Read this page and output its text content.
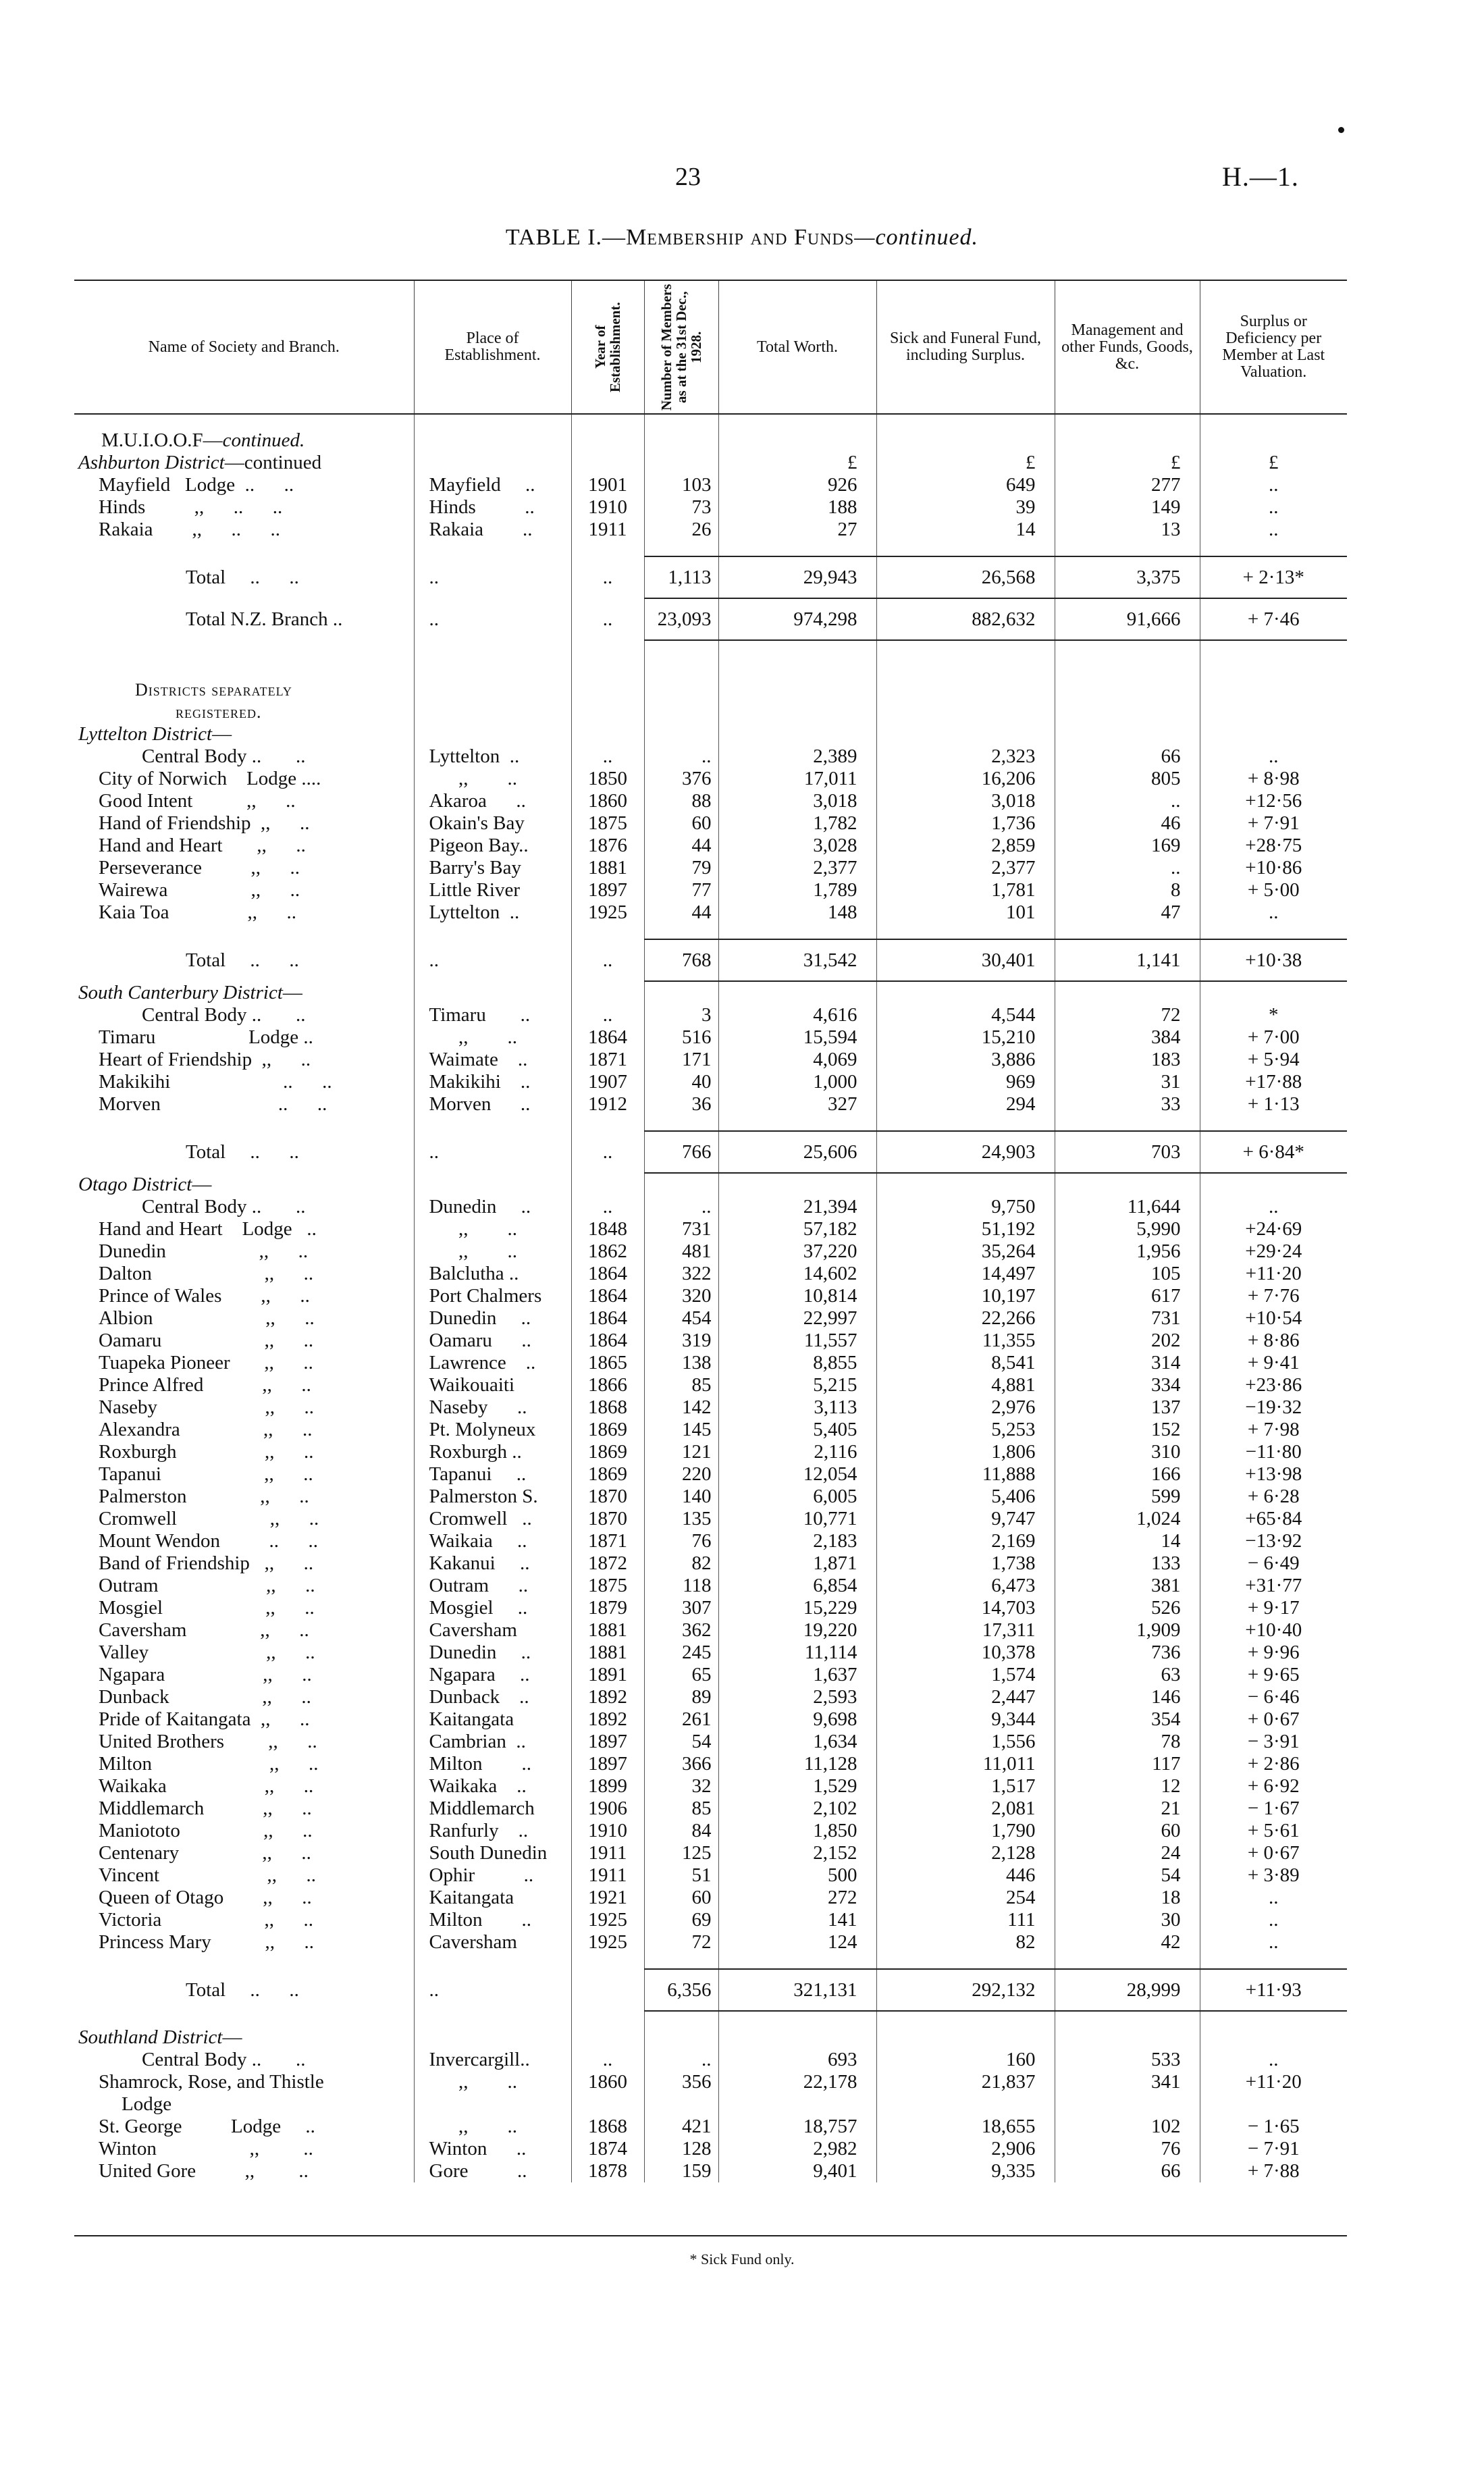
23	H.—1.
TABLE I.—Membership and Funds—continued.
Name of Society and Branch.	Place of Establishment.	Year of Establishment.	Number of Members as at the 31st Dec., 1928.	Total Worth.	Sick and Funeral Fund, including Surplus.	Management and other Funds, Goods, &c.	Surplus or Deficiency per Member at Last Valuation.

M.U.I.O.O.F—continued.							
Ashburton District—continued				£	£	£	£
Mayfield   Lodge  ..      ..	Mayfield     ..	1901	103	926	649	277	..
Hinds          ,,      ..      ..	Hinds          ..	1910	73	188	39	149	..
Rakaia        ,,      ..      ..	Rakaia        ..	1911	26	27	14	13	..

Total     ..      ..	..	..	1,113	29,943	26,568	3,375	+ 2·13*
Total N.Z. Branch ..	..	..	23,093	974,298	882,632	91,666	+ 7·46

Districts separately							
registered.							
Lyttelton District—							
Central Body ..       ..	Lyttelton  ..	..	..	2,389	2,323	66	..
City of Norwich    Lodge ....	,,        ..	1850	376	17,011	16,206	805	+ 8·98
Good Intent           ,,      ..	Akaroa      ..	1860	88	3,018	3,018	..	+12·56
Hand of Friendship  ,,      ..	Okain's Bay	1875	60	1,782	1,736	46	+ 7·91
Hand and Heart       ,,      ..	Pigeon Bay..	1876	44	3,028	2,859	169	+28·75
Perseverance          ,,      ..	Barry's Bay	1881	79	2,377	2,377	..	+10·86
Wairewa                 ,,      ..	Little River	1897	77	1,789	1,781	8	+ 5·00
Kaia Toa                ,,      ..	Lyttelton  ..	1925	44	148	101	47	..

Total     ..      ..	..	..	768	31,542	30,401	1,141	+10·38
South Canterbury District—							
Central Body ..       ..	Timaru       ..	..	3	4,616	4,544	72	*
Timaru                   Lodge ..	,,        ..	1864	516	15,594	15,210	384	+ 7·00
Heart of Friendship  ,,      ..	Waimate    ..	1871	171	4,069	3,886	183	+ 5·94
Makikihi                       ..      ..	Makikihi    ..	1907	40	1,000	969	31	+17·88
Morven                        ..      ..	Morven      ..	1912	36	327	294	33	+ 1·13

Total     ..      ..	..	..	766	25,606	24,903	703	+ 6·84*
Otago District—							
Central Body ..       ..	Dunedin     ..	..	..	21,394	9,750	11,644	..
Hand and Heart    Lodge   ..	,,        ..	1848	731	57,182	51,192	5,990	+24·69
Dunedin                   ,,      ..	,,        ..	1862	481	37,220	35,264	1,956	+29·24
Dalton                       ,,      ..	Balclutha ..	1864	322	14,602	14,497	105	+11·20
Prince of Wales        ,,      ..	Port Chalmers	1864	320	10,814	10,197	617	+ 7·76
Albion                       ,,      ..	Dunedin     ..	1864	454	22,997	22,266	731	+10·54
Oamaru                     ,,      ..	Oamaru      ..	1864	319	11,557	11,355	202	+ 8·86
Tuapeka Pioneer       ,,      ..	Lawrence    ..	1865	138	8,855	8,541	314	+ 9·41
Prince Alfred            ,,      ..	Waikouaiti	1866	85	5,215	4,881	334	+23·86
Naseby                      ,,      ..	Naseby      ..	1868	142	3,113	2,976	137	−19·32
Alexandra                 ,,      ..	Pt. Molyneux	1869	145	5,405	5,253	152	+ 7·98
Roxburgh                  ,,      ..	Roxburgh ..	1869	121	2,116	1,806	310	−11·80
Tapanui                     ,,      ..	Tapanui     ..	1869	220	12,054	11,888	166	+13·98
Palmerston               ,,      ..	Palmerston S.	1870	140	6,005	5,406	599	+ 6·28
Cromwell                   ,,      ..	Cromwell   ..	1870	135	10,771	9,747	1,024	+65·84
Mount Wendon          ..      ..	Waikaia     ..	1871	76	2,183	2,169	14	−13·92
Band of Friendship   ,,      ..	Kakanui     ..	1872	82	1,871	1,738	133	− 6·49
Outram                      ,,      ..	Outram      ..	1875	118	6,854	6,473	381	+31·77
Mosgiel                     ,,      ..	Mosgiel     ..	1879	307	15,229	14,703	526	+ 9·17
Caversham               ,,      ..	Caversham	1881	362	19,220	17,311	1,909	+10·40
Valley                        ,,      ..	Dunedin     ..	1881	245	11,114	10,378	736	+ 9·96
Ngapara                    ,,      ..	Ngapara     ..	1891	65	1,637	1,574	63	+ 9·65
Dunback                   ,,      ..	Dunback    ..	1892	89	2,593	2,447	146	− 6·46
Pride of Kaitangata  ,,      ..	Kaitangata	1892	261	9,698	9,344	354	+ 0·67
United Brothers         ,,      ..	Cambrian  ..	1897	54	1,634	1,556	78	− 3·91
Milton                        ,,      ..	Milton        ..	1897	366	11,128	11,011	117	+ 2·86
Waikaka                    ,,      ..	Waikaka    ..	1899	32	1,529	1,517	12	+ 6·92
Middlemarch            ,,      ..	Middlemarch	1906	85	2,102	2,081	21	− 1·67
Maniototo                 ,,      ..	Ranfurly    ..	1910	84	1,850	1,790	60	+ 5·61
Centenary                 ,,      ..	South Dunedin	1911	125	2,152	2,128	24	+ 0·67
Vincent                      ,,      ..	Ophir          ..	1911	51	500	446	54	+ 3·89
Queen of Otago        ,,      ..	Kaitangata	1921	60	272	254	18	..
Victoria                     ,,      ..	Milton        ..	1925	69	141	111	30	..
Princess Mary           ,,      ..	Caversham	1925	72	124	82	42	..

Total     ..      ..	..		6,356	321,131	292,132	28,999	+11·93

Southland District—							
Central Body ..       ..	Invercargill..	..	..	693	160	533	..
Shamrock, Rose, and Thistle	,,        ..	1860	356	22,178	21,837	341	+11·20
Lodge							
St. George          Lodge     ..	,,        ..	1868	421	18,757	18,655	102	− 1·65
Winton                   ,,         ..	Winton      ..	1874	128	2,982	2,906	76	− 7·91
United Gore          ,,         ..	Gore          ..	1878	159	9,401	9,335	66	+ 7·88
* Sick Fund only.
